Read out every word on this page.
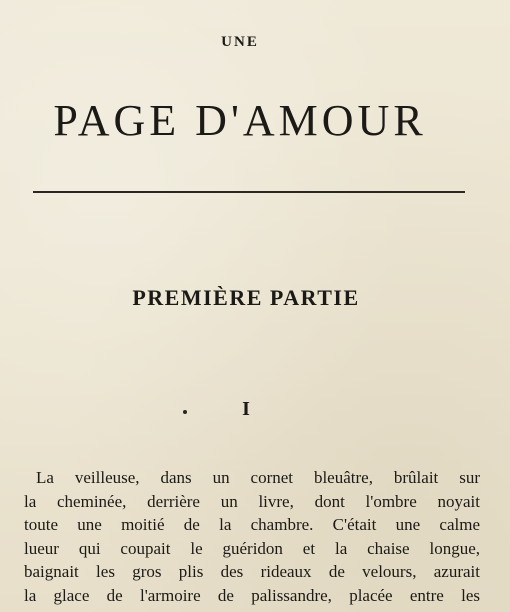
UNE
PAGE D'AMOUR
PREMIÈRE PARTIE
I
La veilleuse, dans un cornet bleuâtre, brûlait sur
la cheminée, derrière un livre, dont l'ombre noyait
toute une moitié de la chambre. C'était une calme
lueur qui coupait le guéridon et la chaise longue,
baignait les gros plis des rideaux de velours, azurait
la glace de l'armoire de palissandre, placée entre les
